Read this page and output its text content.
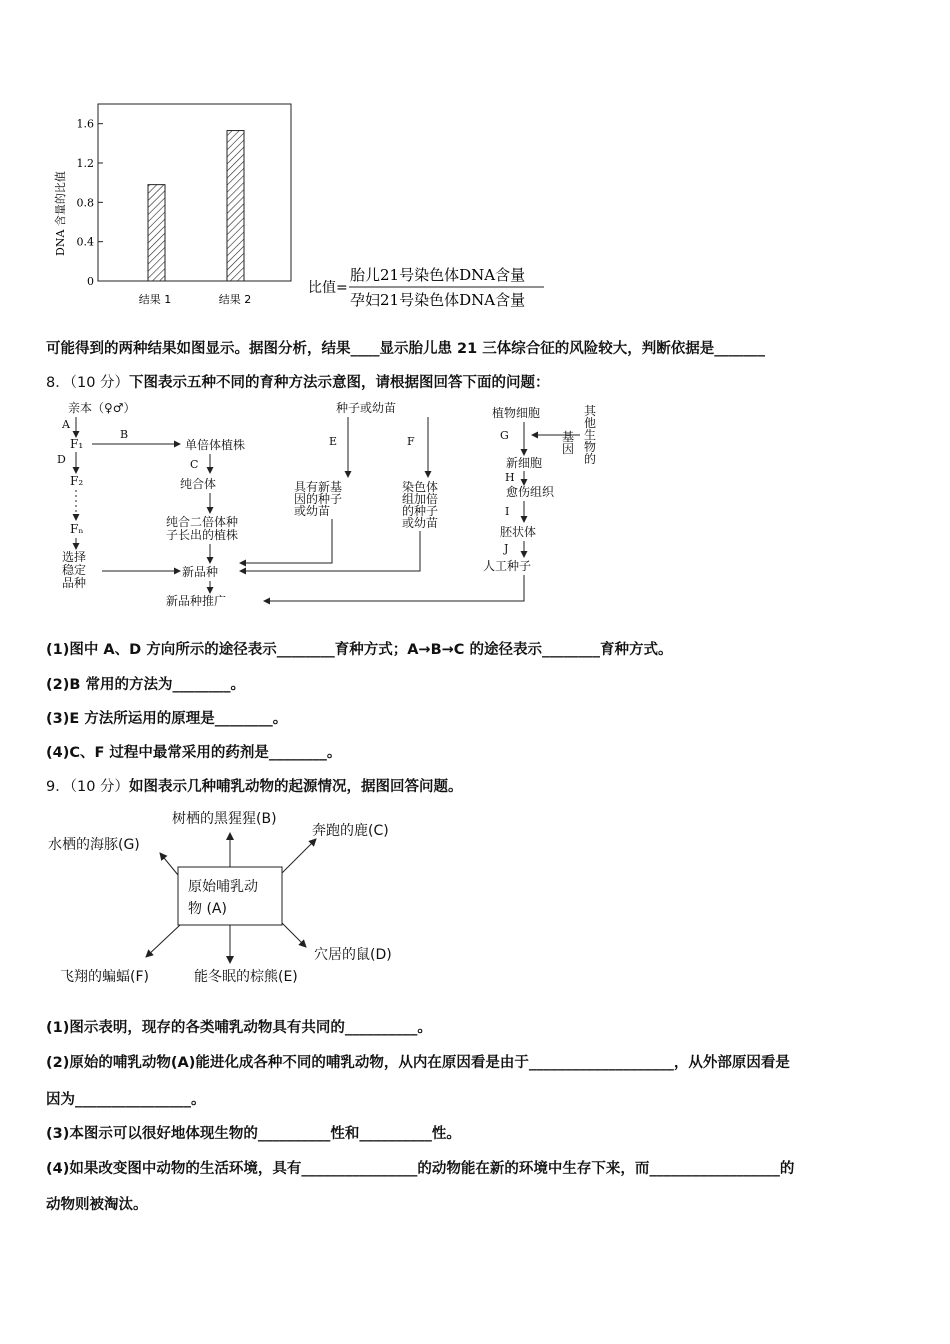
0
0.4
0.8
1.2
1.6
DNA 含量的比值
结果 1	结果 2
比值=
胎儿21号染色体DNA含量
孕妇21号染色体DNA含量
可能得到的两种结果如图显示。据图分析，结果____显示胎儿患 21 三体综合征的风险较大，判断依据是_______
8．（10 分）下图表示五种不同的育种方法示意图，请根据图回答下面的问题：
亲本（♀♂）
A
F₁
B
D
F₂
Fₙ
选择
稳定
品种
单倍体植株
C
纯合体
纯合二倍体种
子长出的植株
新品种
新品种推广
种子或幼苗
E	F
具有新基
因的种子
或幼苗
染色体
组加倍
的种子
或幼苗
植物细胞	其
他
生
物
的
基
因
G
新细胞
H
愈伤组织
I
胚状体
J
人工种子
(1)图中 A、D 方向所示的途径表示________育种方式；A→B→C 的途径表示________育种方式。
(2)B 常用的方法为________。
(3)E 方法所运用的原理是________。
(4)C、F 过程中最常采用的药剂是________。
9．（10 分）如图表示几种哺乳动物的起源情况，据图回答问题。
原始哺乳动
物 (A)
树栖的黑猩猩(B)
奔跑的鹿(C)
水栖的海豚(G)
穴居的鼠(D)
能冬眠的棕熊(E)
飞翔的蝙蝠(F)
(1)图示表明，现存的各类哺乳动物具有共同的__________。
(2)原始的哺乳动物(A)能进化成各种不同的哺乳动物，从内在原因看是由于____________________，从外部原因看是
因为________________。
(3)本图示可以很好地体现生物的__________性和__________性。
(4)如果改变图中动物的生活环境，具有________________的动物能在新的环境中生存下来，而__________________的
动物则被淘汰。
